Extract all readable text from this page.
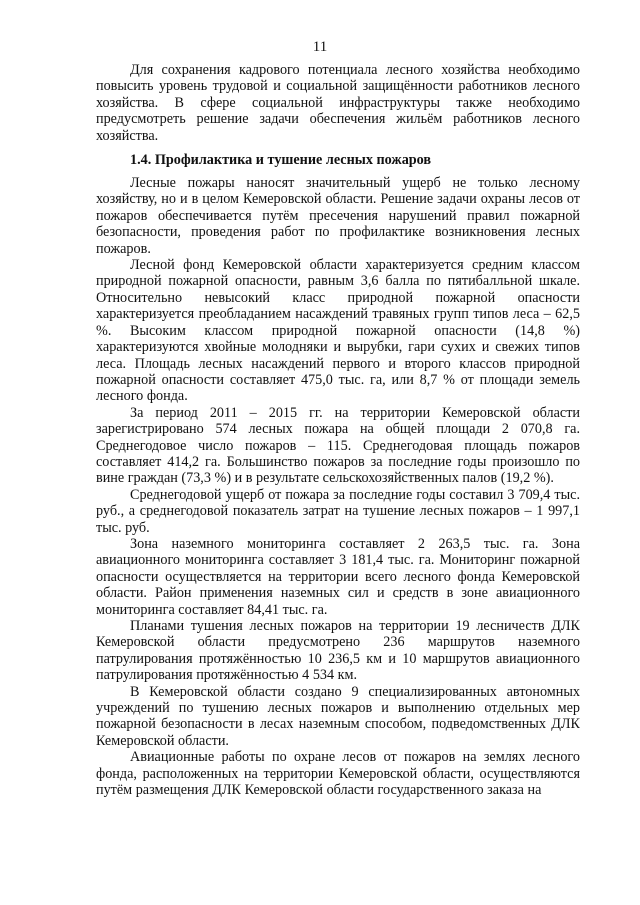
11

Для сохранения кадрового потенциала лесного хозяйства необходимо повысить уровень трудовой и социальной защищённости работников лесного хозяйства. В сфере социальной инфраструктуры также необходимо предусмотреть решение задачи обеспечения жильём работников лесного хозяйства.

1.4. Профилактика и тушение лесных пожаров

Лесные пожары наносят значительный ущерб не только лесному хозяйству, но и в целом Кемеровской области. Решение задачи охраны лесов от пожаров обеспечивается путём пресечения нарушений правил пожарной безопасности, проведения работ по профилактике возникновения лесных пожаров.

Лесной фонд Кемеровской области характеризуется средним классом природной пожарной опасности, равным 3,6 балла по пятибалльной шкале. Относительно невысокий класс природной пожарной опасности характеризуется преобладанием насаждений травяных групп типов леса – 62,5 %. Высоким классом природной пожарной опасности (14,8 %) характеризуются хвойные молодняки и вырубки, гари сухих и свежих типов леса. Площадь лесных насаждений первого и второго классов природной пожарной опасности составляет 475,0 тыс. га, или 8,7 % от площади земель лесного фонда.

За период 2011 – 2015 гг. на территории Кемеровской области зарегистрировано 574 лесных пожара на общей площади 2 070,8 га. Среднегодовое число пожаров – 115. Среднегодовая площадь пожаров составляет 414,2 га. Большинство пожаров за последние годы произошло по вине граждан (73,3 %) и в результате сельскохозяйственных палов (19,2 %).

Среднегодовой ущерб от пожара за последние годы составил 3 709,4 тыс. руб., а среднегодовой показатель затрат на тушение лесных пожаров – 1 997,1 тыс. руб.

Зона наземного мониторинга составляет 2 263,5 тыс. га. Зона авиационного мониторинга составляет 3 181,4 тыс. га. Мониторинг пожарной опасности осуществляется на территории всего лесного фонда Кемеровской области. Район применения наземных сил и средств в зоне авиационного мониторинга составляет 84,41 тыс. га.

Планами тушения лесных пожаров на территории 19 лесничеств ДЛК Кемеровской области предусмотрено 236 маршрутов наземного патрулирования протяжённостью 10 236,5 км и 10 маршрутов авиационного патрулирования протяжённостью 4 534 км.

В Кемеровской области создано 9 специализированных автономных учреждений по тушению лесных пожаров и выполнению отдельных мер пожарной безопасности в лесах наземным способом, подведомственных ДЛК Кемеровской области.

Авиационные работы по охране лесов от пожаров на землях лесного фонда, расположенных на территории Кемеровской области, осуществляются путём размещения ДЛК Кемеровской области государственного заказа на
